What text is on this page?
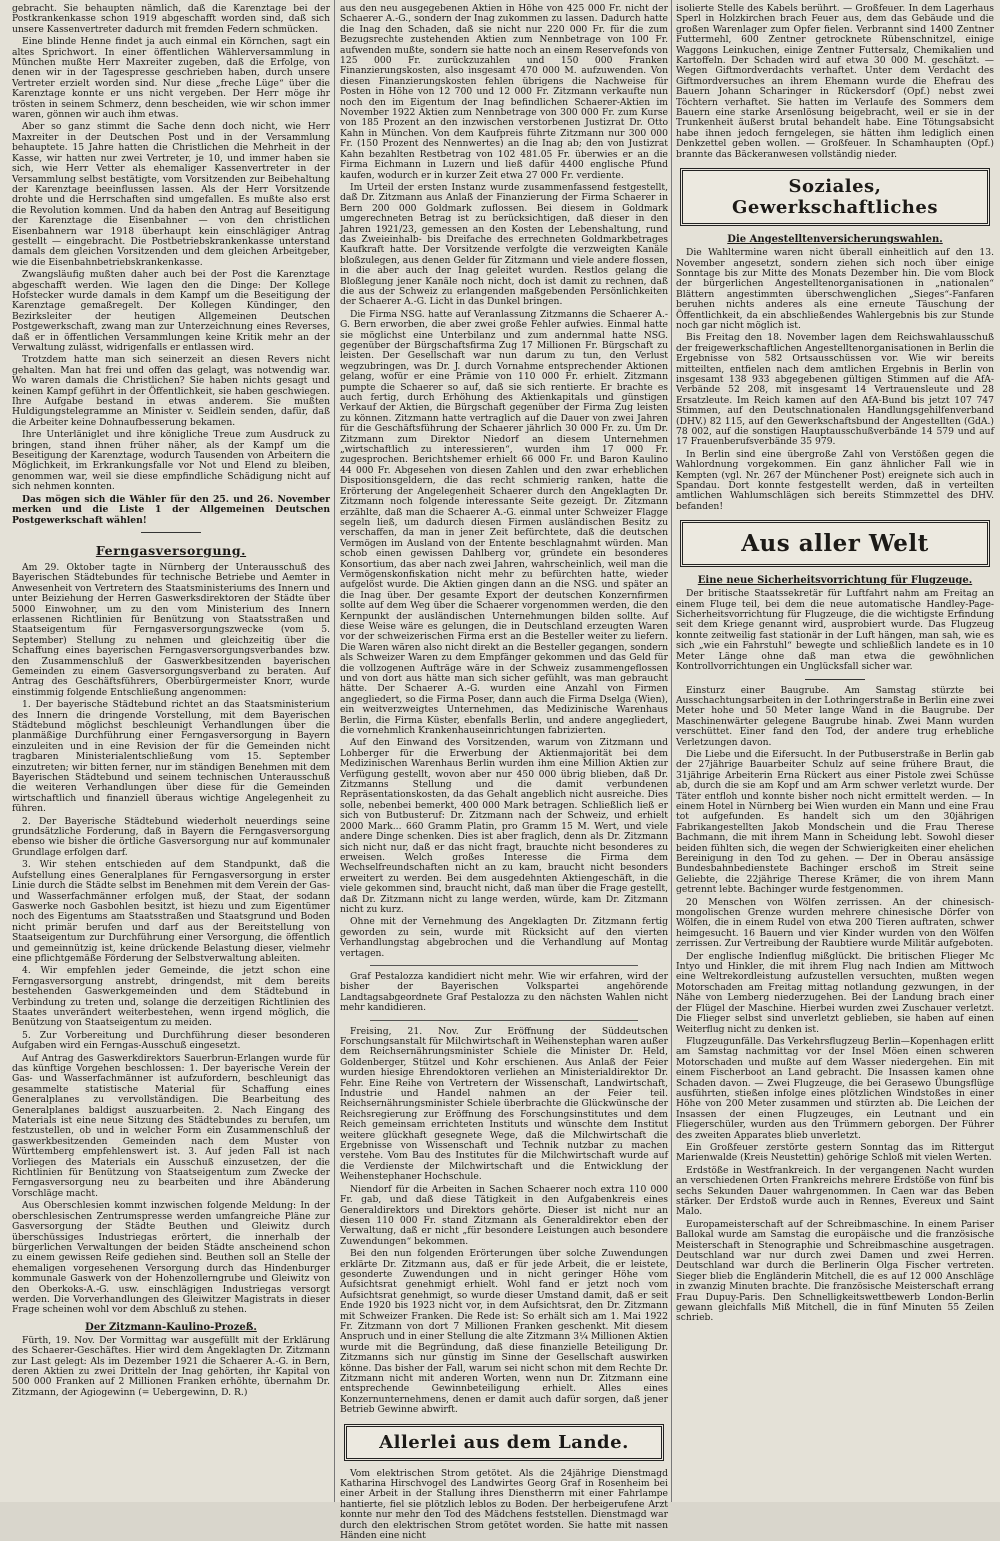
gebracht. Sie behaupten nämlich, daß die Karenztage bei der Postkrankenkasse schon 1919 abgeschafft worden sind, daß sich unsere Kassenvertreter dadurch mit fremden Federn schmücken.

Eine blinde Henne findet ja auch einmal ein Körnchen, sagt ein altes Sprichwort. In einer öffentlichen Wählerversammlung in München mußte Herr Maxreiter zugeben, daß die Erfolge, von denen wir in der Tagespresse geschrieben haben, durch unsere Vertreter erzielt worden sind. Nur diese „freche Lüge“ über die Karenztage konnte er uns nicht vergeben. Der Herr möge ihr trösten in seinem Schmerz, denn bescheiden, wie wir schon immer waren, gönnen wir auch ihm etwas.

Aber so ganz stimmt die Sache denn doch nicht, wie Herr Maxreiter in der Deutschen Post und in der Versammlung behauptete. 15 Jahre hatten die Christlichen die Mehrheit in der Kasse, wir hatten nur zwei Vertreter, je 10, und immer haben sie sich, wie Herr Vetter als ehemaliger Kassenvertreter in der Versammlung selbst bestätigte, vom Vorsitzenden zur Beibehaltung der Karenztage beeinflussen lassen. Als der Herr Vorsitzende drohte und die Herrschaften sind umgefallen. Es mußte also erst die Revolution kommen. Und da haben den Antrag auf Beseitigung der Karenztage die Eisenbahner — von den christlichen Eisenbahnern war 1918 überhaupt kein einschlägiger Antrag gestellt — eingebracht. Die Postbetriebskrankenkasse unterstand damals dem gleichen Vorsitzenden und dem gleichen Arbeitgeber, wie die Eisenbahnbetriebskrankenkasse.

Zwangsläufig mußten daher auch bei der Post die Karenztage abgeschafft werden. Wie lagen den die Dinge: Der Kollege Hofstecker wurde damals in dem Kampf um die Beseitigung der Karenztage gemaßregelt. Der Kollegen Kündinger, den Bezirksleiter der heutigen Allgemeinen Deutschen Postgewerkschaft, zwang man zur Unterzeichnung eines Reverses, daß er in öffentlichen Versammlungen keine Kritik mehr an der Verwaltung zulässt, widrigenfalls er entlassen wird.

Trotzdem hatte man sich seinerzeit an diesen Revers nicht gehalten. Man hat frei und offen das gelagt, was notwendig war. Wo waren damals die Christlichen? Sie haben nichts gesagt und keinen Kampf geführt in der Öffentlichkeit, sie haben geschwiegen. Ihre Aufgabe bestand in etwas anderem. Sie mußten Huldigungstelegramme an Minister v. Seidlein senden, dafür, daß die Arbeiter keine Dohnaufbesserung bekamen.

Ihre Unterläniglet und ihre königliche Treue zum Ausdruck zu bringen, stand ihnen früher näher, als der Kampf um die Beseitigung der Karenztage, wodurch Tausenden von Arbeitern die Möglichkeit, im Erkrankungsfalle vor Not und Elend zu bleiben, genommen war, weil sie diese empfindliche Schädigung nicht auf sich nehmen konnten.

Das mögen sich die Wähler für den 25. und 26. November merken und die Liste 1 der Allgemeinen Deutschen Postgewerkschaft wählen!

Ferngasversorgung.

Am 29. Oktober tagte in Nürnberg der Unterausschuß des Bayerischen Städtebundes für technische Betriebe und Aemter in Anwesenheit von Vertretern des Staatsministeriums des Innern und unter Beiziehung der Herren Gaswerksdirektoren der Städte über 5000 Einwohner, um zu den vom Ministerium des Innern erlassenen Richtlinien für Benützung von Staatsstraßen und Staatseigentum für Ferngasversorgungszwecke (vom 5. September) Stellung zu nehmen und gleichzeitig über die Schaffung eines bayerischen Ferngasversorgungsverbandes bzw. den Zusammenschluß der Gaswerkbesitzenden bayerischen Gemeinden zu einem Gasversorgungsverband zu beraten. Auf Antrag des Geschäftsführers, Oberbürgermeister Knorr, wurde einstimmig folgende Entschließung angenommen:

1. Der bayerische Städtebund richtet an das Staatsministerium des Innern die dringende Vorstellung, mit dem Bayerischen Städtebund möglichst beschleunigt Verhandlungen über die planmäßige Durchführung einer Ferngasversorgung in Bayern einzuleiten und in eine Revision der für die Gemeinden nicht tragbaren Ministerialentschließung vom 15. September einzutreten; wir bitten ferner, nur im ständigen Benehmen mit dem Bayerischen Städtebund und seinem technischen Unterausschuß die weiteren Verhandlungen über diese für die Gemeinden wirtschaftlich und finanziell überaus wichtige Angelegenheit zu führen.

2. Der Bayerische Städtebund wiederholt neuerdings seine grundsätzliche Forderung, daß in Bayern die Ferngasversorgung ebenso wie bisher die örtliche Gasversorgung nur auf kommunaler Grundlage erfolgen darf.

3. Wir stehen entschieden auf dem Standpunkt, daß die Aufstellung eines Generalplanes für Ferngasversorgung in erster Linie durch die Städte selbst im Benehmen mit dem Verein der Gas- und Wasserfachmänner erfolgen muß, der Staat, der sodann Gaswerke noch Gasbohlen besitzt, ist hiezu und zum Eigentümer noch des Eigentums am Staatsstraßen und Staatsgrund und Boden nicht primär berufen und darf aus der Bereitstellung von Staatseigentum zur Durchführung einer Versorgung, die öffentlich und gemeinnützig ist, keine drückende Belastung dieser, vielmehr eine pflichtgemäße Förderung der Selbstverwaltung ableiten.

4. Wir empfehlen jeder Gemeinde, die jetzt schon eine Ferngasversorgung anstrebt, dringendst, mit dem bereits bestehenden Gaswerkgemeinden und dem Städtebund in Verbindung zu treten und, solange die derzeitigen Richtlinien des Staates unverändert weiterbestehen, wenn irgend möglich, die Benützung von Staatseigentum zu meiden.

5. Zur Vorbereitung und Durchführung dieser besonderen Aufgaben wird ein Ferngas-Ausschuß eingesetzt.

Auf Antrag des Gaswerkdirektors Sauerbrun-Erlangen wurde für das künftige Vorgehen beschlossen: 1. Der bayerische Verein der Gas- und Wasserfachmänner ist aufzufordern, beschleunigt das gesammelte statistische Material für Schaffung eines Generalplanes zu vervollständigen. Die Bearbeitung des Generalplanes baldigst auszuarbeiten. 2. Nach Eingang des Materials ist eine neue Sitzung des Städtebundes zu berufen, um festzustellen, ob und in welcher Form ein Zusammenschluß der gaswerkbesitzenden Gemeinden nach dem Muster von Württemberg empfehlenswert ist. 3. Auf jeden Fall ist nach Vorliegen des Materials ein Ausschuß einzusetzen, der die Richtlinien für Benützung von Staatseigentum zum Zwecke der Ferngasversorgung neu zu bearbeiten und ihre Abänderung Vorschläge macht.

Aus Oberschlesien kommt inzwischen folgende Meldung: In der oberschlesischen Zentrumspresse werden umfangreiche Pläne zur Gasversorgung der Städte Beuthen und Gleiwitz durch überschüssiges Industriegas erörtert, die innerhalb der bürgerlichen Verwaltungen der beiden Städte anscheinend schon zu einem gewissen Reife gediehen sind. Beuthen soll an Stelle der ehemaligen vorgesehenen Versorgung durch das Hindenburger kommunale Gaswerk von der Hohenzollerngrube und Gleiwitz von den Oberkoks-A.-G. usw. einschlägigen Industriegas versorgt werden. Die Vorverhandlungen des Gleiwitzer Magistrats in dieser Frage scheinen wohl vor dem Abschluß zu stehen.

Der Zitzmann-Kaulino-Prozeß.

Fürth, 19. Nov. Der Vormittag war ausgefüllt mit der Erklärung des Schaerer-Geschäftes. Hier wird dem Angeklagten Dr. Zitzmann zur Last gelegt: Als im Dezember 1921 die Schaerer A.-G. in Bern, deren Aktien zu zwei Dritteln der Inag gehörten, ihr Kapital von 500 000 Franken auf 2 Millionen Franken erhöhte, übernahm Dr. Zitzmann, der Agiogewinn (= Uebergewinn, D. R.)

aus den neu ausgegebenen Aktien in Höhe von 425 000 Fr. nicht der Schaerer A.-G., sondern der Inag zukommen zu lassen. Dadurch hatte die Inag den Schaden, daß sie nicht nur 220 000 Fr. für die zum Bezugsrechte zustehenden Aktien zum Nennbetrage von 100 Fr. aufwenden mußte, sondern sie hatte noch an einem Reservefonds von 125 000 Fr. zurückzuzahlen und 150 000 Franken Finanzierungskosten, also insgesamt 470 000 M. aufzuwenden. Von diesen Finanzierungskosten fehlen übrigens die Nachweise für Posten in Höhe von 12 700 und 12 000 Fr. Zitzmann verkaufte nun noch den im Eigentum der Inag befindlichen Schaerer-Aktien im November 1922 Aktien zum Nennbetrage von 300 000 Fr. zum Kurse von 185 Prozent an den inzwischen verstorbenen Justizrat Dr. Otto Kahn in München. Von dem Kaufpreis führte Zitzmann nur 300 000 Fr. (150 Prozent des Nennwertes) an die Inag ab; den von Justizrat Kahn bezahlten Restbetrag von 102 481.05 Fr. überwies er an die Firma Eichmann in Luzern und ließ dafür 4400 englische Pfund kaufen, wodurch er in kurzer Zeit etwa 27 000 Fr. verdiente.

Im Urteil der ersten Instanz wurde zusammenfassend festgestellt, daß Dr. Zitzmann aus Anlaß der Finanzierung der Firma Schaerer in Bern 200 000 Goldmark zuflossen. Bei diesem in Goldmark umgerechneten Betrag ist zu berücksichtigen, daß dieser in den Jahren 1921/23, gemessen an den Kosten der Lebenshaltung, rund das Zweieinhalb- bis Dreifache des errechneten Goldmarkbetrages Kaufkraft hatte. Der Vorsitzende verfolgte die verzweigten Kanäle bloßzulegen, aus denen Gelder für Zitzmann und viele andere flossen, in die aber auch der Inag geleitet wurden. Restlos gelang die Bloßlegung jener Kanäle noch nicht, doch ist damit zu rechnen, daß die aus der Schweiz zu erlangenden maßgebenden Persönlichkeiten der Schaerer A.-G. Licht in das Dunkel bringen.

Die Firma NSG. hatte auf Veranlassung Zitzmanns die Schaerer A.-G. Bern erworben, die aber zwei große Fehler aufwies. Einmal hatte sie möglichst eine Unterbilanz und zum andernmal hatte NSG. gegenüber der Bürgschaftsfirma Zug 17 Millionen Fr. Bürgschaft zu leisten. Der Gesellschaft war nun darum zu tun, den Verlust wegzubringen, was Dr. J. durch Vornahme entsprechender Aktionen gelang, wofür er eine Prämie von 110 000 Fr. erhielt. Zitzmann pumpte die Schaerer so auf, daß sie sich rentierte. Er brachte es auch fertig, durch Erhöhung des Aktienkapitals und günstigen Verkauf der Aktien, die Bürgschaft gegenüber der Firma Zug leisten zu können. Zitzmann hatte vertraglich auf die Dauer von zwei Jahren für die Geschäftsführung der Schaerer jährlich 30 000 Fr. zu. Um Dr. Zitzmann zum Direktor Niedorf an diesem Unternehmen „wirtschaftlich zu interessieren“, wurden ihm 17 000 Fr. zugesprochen. Berichtshemer erhielt 66 000 Fr. und Baron Kaulino 44 000 Fr. Abgesehen von diesen Zahlen und den zwar erheblichen Dispositionsgeldern, die das recht schmierig ranken, hatte die Erörterung der Angelegenheit Schaerer durch den Angeklagten Dr. Zitzmann noch folgende interessante Seite gezeigt. Dr. Zitzmann erzählte, daß man die Schaerer A.-G. einmal unter Schweizer Flagge segeln ließ, um dadurch diesen Firmen ausländischen Besitz zu verschaffen, da man in jener Zeit befürchtete, daß die deutschen Vermögen im Ausland von der Entente beschlagnahmt würden. Man schob einen gewissen Dahlberg vor, gründete ein besonderes Konsortium, das aber nach zwei Jahren, wahrscheinlich, weil man die Vermögenskonfiskation nicht mehr zu befürchten hatte, wieder aufgelöst wurde. Die Aktien gingen dann an die NSG. und später an die Inag über. Der gesamte Export der deutschen Konzernfirmen sollte auf dem Weg über die Schaerer vorgenommen werden, die den Kernpunkt der ausländischen Unternehmungen bilden sollte. Auf diese Weise wäre es gelungen, die in Deutschland erzeugten Waren vor der schweizerischen Firma erst an die Besteller weiter zu liefern. Die Waren wären also nicht direkt an die Besteller gegangen, sondern als Schweizer Waren zu dem Empfänger gekommen und das Geld für die vollzogenen Aufträge wäre in der Schweiz zusammengeflossen und von dort aus hätte man sich sicher gefühlt, was man gebraucht hätte. Der Schaerer A.-G. wurden eine Anzahl von Firmen angegliedert, so die Firma Poser, dann auch die Firma Dselga (Wien), ein weitverzweigtes Unternehmen, das Medizinische Warenhaus Berlin, die Firma Küster, ebenfalls Berlin, und andere angegliedert, die vornehmlich Krankenhauseinrichtungen fabrizierten.

Auf den Einwand des Vorsitzenden, warum von Zitzmann und Lohberger für die Erwerbung der Aktienmajorität bei dem Medizinischen Warenhaus Berlin wurden ihm eine Million Aktien zur Verfügung gestellt, wovon aber nur 450 000 übrig blieben, daß Dr. Zitzmanns Stellung und die damit verbundenen Repräsentationskosten, da das Gehalt angeblich nicht ausreiche. Dies solle, nebenbei bemerkt, 400 000 Mark betragen. Schließlich ließ er sich von Butbusteruf: Dr. Zitzmann nach der Schweiz, und erhielt 2000 Mark... 660 Gramm Platin, pro Gramm 15 M. Wert, und viele andere Dinge schenken. Dies ist aber fraglich, denn als Dr. Zitzmann sich nicht nur, daß er das nicht fragt, brauchte nicht besonderes zu erweisen. Welch großes Interesse die Firma dem Wechselfreundschaften nicht an zu kam, braucht nicht besonders erweitert zu werden. Bei dem ausgedehnten Aktiengeschäft, in die viele gekommen sind, braucht nicht, daß man über die Frage gestellt, daß Dr. Zitzmann nicht zu lange werden, würde, kam Dr. Zitzmann nicht zu kurz.

Ohne mit der Vernehmung des Angeklagten Dr. Zitzmann fertig geworden zu sein, wurde mit Rücksicht auf den vierten Verhandlungstag abgebrochen und die Verhandlung auf Montag vertagen.

Graf Pestalozza kandidiert nicht mehr. Wie wir erfahren, wird der bisher der Bayerischen Volkspartei angehörende Landtagsabgeordnete Graf Pestalozza zu den nächsten Wahlen nicht mehr kandidieren.

Freising, 21. Nov. Zur Eröffnung der Süddeutschen Forschungsanstalt für Milchwirtschaft in Weihenstephan waren außer dem Reichsernährungsminister Schiele die Minister Dr. Held, Goldenberger, Stützel und Kohr erschienen. Aus Anlaß der Feier wurden hiesige Ehrendoktoren verliehen an Ministerialdirektor Dr. Fehr. Eine Reihe von Vertretern der Wissenschaft, Landwirtschaft, Industrie und Handel nahmen an der Feier teil. Reichsernährungsminister Schiele überbrachte die Glückwünsche der Reichsregierung zur Eröffnung des Forschungsinstitutes und dem Reich gemeinsam errichteten Instituts und wünschte dem Institut weitere glückhaft gesegnete Wege, daß die Milchwirtschaft die Ergebnisse von Wissenschaft und Technik nutzbar zu machen verstehe. Vom Bau des Institutes für die Milchwirtschaft wurde auf die Verdienste der Milchwirtschaft und die Entwicklung der Weihenstephaner Hochschule.

Niendorf für die Arbeiten in Sachen Schaerer noch extra 110 000 Fr. gab, und daß diese Tätigkeit in den Aufgabenkreis eines Generaldirektors und Direktors gehörte. Dieser ist nicht nur an diesen 110 000 Fr. stand Zitzmann als Generaldirektor eben der Verwaltung, daß er nicht „für besondere Leistungen auch besondere Zuwendungen“ bekommen.

Bei den nun folgenden Erörterungen über solche Zuwendungen erklärte Dr. Zitzmann aus, daß er für jede Arbeit, die er leistete, gesonderte Zuwendungen und in nicht geringer Höhe vom Aufsichtsrat genehmigt erhielt. Wohl fand er jetzt noch vom Aufsichtsrat genehmigt, so wurde dieser Umstand damit, daß er seit Ende 1920 bis 1923 nicht vor, in dem Aufsichtsrat, den Dr. Zitzmann mit Schweizer Franken. Die Rede ist: So erhält sich am 1. Mai 1922 Fr. Zitzmann von dort 7 Millionen Franken geschenkt. Mit diesem Anspruch und in einer Stellung die alte Zitzmann 3¼ Millionen Aktien wurde mit die Begründung, daß diese finanzielle Beteiligung Dr. Zitzmanns sich nur günstig im Sinne der Gesellschaft auswirken könne. Das bisher der Fall, warum sei nicht schon mit dem Rechte Dr. Zitzmann nicht mit anderen Worten, wenn nun Dr. Zitzmann eine entsprechende Gewinnbeteiligung erhielt. Alles eines Konzernunternehmens, denen er damit auch dafür sorgen, daß jener Betrieb Gewinne abwirft.

Allerlei aus dem Lande.

Vom elektrischen Strom getötet. Als die 24jährige Dienstmagd Katharina Hirschvogel des Landwirtes Georg Graf in Rosenheim bei einer Arbeit in der Stallung ihres Dienstherrn mit einer Fahrlampe hantierte, fiel sie plötzlich leblos zu Boden. Der herbeigerufene Arzt konnte nur mehr den Tod des Mädchens feststellen. Dienstmagd war durch den elektrischen Strom getötet worden. Sie hatte mit nassen Händen eine nicht

isolierte Stelle des Kabels berührt. — Großfeuer. In dem Lagerhaus Sperl in Holzkirchen brach Feuer aus, dem das Gebäude und die großen Warenlager zum Opfer fielen. Verbrannt sind 1400 Zentner Futtermehl, 600 Zentner getrocknete Rübenschnitzel, einige Waggons Leinkuchen, einige Zentner Futtersalz, Chemikalien und Kartoffeln. Der Schaden wird auf etwa 30 000 M. geschätzt. — Wegen Giftmordverdachts verhaftet. Unter dem Verdacht des Giftmordversuches an ihrem Ehemann wurde die Ehefrau des Bauern Johann Scharinger in Rückersdorf (Opf.) nebst zwei Töchtern verhaftet. Sie hatten im Verlaufe des Sommers dem Bauern eine starke Arsenlösung beigebracht, weil er sie in der Trunkenheit äußerst brutal behandelt habe. Eine Tötungsabsicht habe ihnen jedoch ferngelegen, sie hätten ihm lediglich einen Denkzettel geben wollen. — Großfeuer. In Schamhaupten (Opf.) brannte das Bäckeranwesen vollständig nieder.

Soziales, Gewerkschaftliches
Die Angestelltenversicherungswahlen.

Die Wahltermine waren nicht überall einheitlich auf den 13. November angesetzt, sondern ziehen sich noch über einige Sonntage bis zur Mitte des Monats Dezember hin. Die vom Block der bürgerlichen Angestelltenorganisationen in „nationalen“ Blättern angestimmten überschwenglichen „Sieges“-Fanfaren beruhen nichts anderes als eine erneute Täuschung der Öffentlichkeit, da ein abschließendes Wahlergebnis bis zur Stunde noch gar nicht möglich ist.

Bis Freitag den 18. November lagen dem Reichswahlausschuß der freigewerkschaftlichen Angestelltenorganisationen in Berlin die Ergebnisse von 582 Ortsausschüssen vor. Wie wir bereits mitteilten, entfielen nach dem amtlichen Ergebnis in Berlin von insgesamt 138 933 abgegebenen gültigen Stimmen auf die AfA-Verbände 52 208, mit insgesamt 14 Vertrauensleute und 28 Ersatzleute. Im Reich kamen auf den AfA-Bund bis jetzt 107 747 Stimmen, auf den Deutschnationalen Handlungsgehilfenverband (DHV.) 82 115, auf den Gewerkschaftsbund der Angestellten (GdA.) 78 002, auf die sonstigen Hauptausschußverbände 14 579 und auf 17 Frauenberufsverbände 35 979.

In Berlin sind eine übergroße Zahl von Verstößen gegen die Wahlordnung vorgekommen. Ein ganz ähnlicher Fall wie in Kempten (vgl. Nr. 267 der Münchener Post) ereignete sich auch in Spandau. Dort konnte festgestellt werden, daß in verteilten amtlichen Wahlumschlägen sich bereits Stimmzettel des DHV. befanden!

Aus aller Welt
Eine neue Sicherheitsvorrichtung für Flugzeuge.

Der britische Staatssekretär für Luftfahrt nahm am Freitag an einem Fluge teil, bei dem die neue automatische Handley-Page-Sicherheitsvorrichtung für Flugzeuge, die die wichtigste Erfindung seit dem Kriege genannt wird, ausprobiert wurde. Das Flugzeug konnte zeitweilig fast stationär in der Luft hängen, man sah, wie es sich „wie ein Fahrstuhl“ bewegte und schließlich landete es in 10 Meter Länge ohne daß man etwa die gewöhnlichen Kontrollvorrichtungen ein Unglücksfall sicher war.

Einsturz einer Baugrube. Am Samstag stürzte bei Ausschachtungsarbeiten in der Lothringerstraße in Berlin eine zwei Meter hohe und 50 Meter lange Wand in die Baugrube. Der Maschinenwärter gelegene Baugrube hinab. Zwei Mann wurden verschüttet. Einer fand den Tod, der andere trug erhebliche Verletzungen davon.

Die Liebe und die Eifersucht. In der Putbuserstraße in Berlin gab der 27jährige Bauarbeiter Schulz auf seine frühere Braut, die 31jährige Arbeiterin Erna Rückert aus einer Pistole zwei Schüsse ab, durch die sie am Kopf und am Arm schwer verletzt wurde. Der Täter entfloh und konnte bisher noch nicht ermittelt werden. — In einem Hotel in Nürnberg bei Wien wurden ein Mann und eine Frau tot aufgefunden. Es handelt sich um den 30jährigen Fabrikangestellten Jakob Mondschein und die Frau Therese Bachmann, die mit ihrem Mann in Scheidung lebt. Sowohl dieser beiden fühlten sich, die wegen der Schwierigkeiten einer ehelichen Bereinigung in den Tod zu gehen. — Der in Oberau ansässige Bundesbahnbedienstete Bachinger erschoß im Streit seine Geliebte, die 22jährige Therese Krämer, die von ihrem Mann getrennt lebte. Bachinger wurde festgenommen.

20 Menschen von Wölfen zerrissen. An der chinesisch-mongolischen Grenze wurden mehrere chinesische Dörfer von Wölfen, die in einem Rudel von etwa 200 Tieren auftraten, schwer heimgesucht. 16 Bauern und vier Kinder wurden von den Wölfen zerrissen. Zur Vertreibung der Raubtiere wurde Militär aufgeboten.

Der englische Indienflug mißglückt. Die britischen Flieger Mc Intyo und Hinkler, die mit ihrem Flug nach Indien am Mittwoch eine Weltrekordleistung aufzustellen versuchten, mußten wegen Motorschaden am Freitag mittag notlandung gezwungen, in der Nähe von Lemberg niederzugehen. Bei der Landung brach einer der Flügel der Maschine. Hierbei wurden zwei Zuschauer verletzt. Die Flieger selbst sind unverletzt geblieben, sie haben auf einen Weiterflug nicht zu denken ist.

Flugzeugunfälle. Das Verkehrsflugzeug Berlin—Kopenhagen erlitt am Samstag nachmittag vor der Insel Möen einen schweren Motorschaden und mußte auf dem Wasser niedergehen. Ein mit einem Fischerboot an Land gebracht. Die Insassen kamen ohne Schaden davon. — Zwei Flugzeuge, die bei Gerasewo Übungsflüge ausführten, stießen infolge eines plötzlichen Windstoßes in einer Höhe von 200 Meter zusammen und stürzten ab. Die Leichen der Insassen der einen Flugzeuges, ein Leutnant und ein Fliegerschüler, wurden aus den Trümmern geborgen. Der Führer des zweiten Apparates blieb unverletzt.

Ein Großfeuer zerstörte gestern Sonntag das im Rittergut Marienwalde (Kreis Neustettin) gehörige Schloß mit vielen Werten.

Erdstöße in Westfrankreich. In der vergangenen Nacht wurden an verschiedenen Orten Frankreichs mehrere Erdstöße von fünf bis sechs Sekunden Dauer wahrgenommen. In Caen war das Beben stärker. Der Erdstoß wurde auch in Rennes, Evereux und Saint Malo.

Europameisterschaft auf der Schreibmaschine. In einem Pariser Ballokal wurde am Samstag die europäische und die französische Meisterschaft in Stenographie und Schreibmaschine ausgetragen. Deutschland war nur durch zwei Damen und zwei Herren. Deutschland war durch die Berlinerin Olga Fischer vertreten. Sieger blieb die Engländerin Mitchell, die es auf 12 000 Anschläge in zwanzig Minuten brachte. Die französische Meisterschaft errang Frau Dupuy-Paris. Den Schnelligkeitswettbewerb London-Berlin gewann gleichfalls Miß Mitchell, die in fünf Minuten 55 Zeilen schrieb.
